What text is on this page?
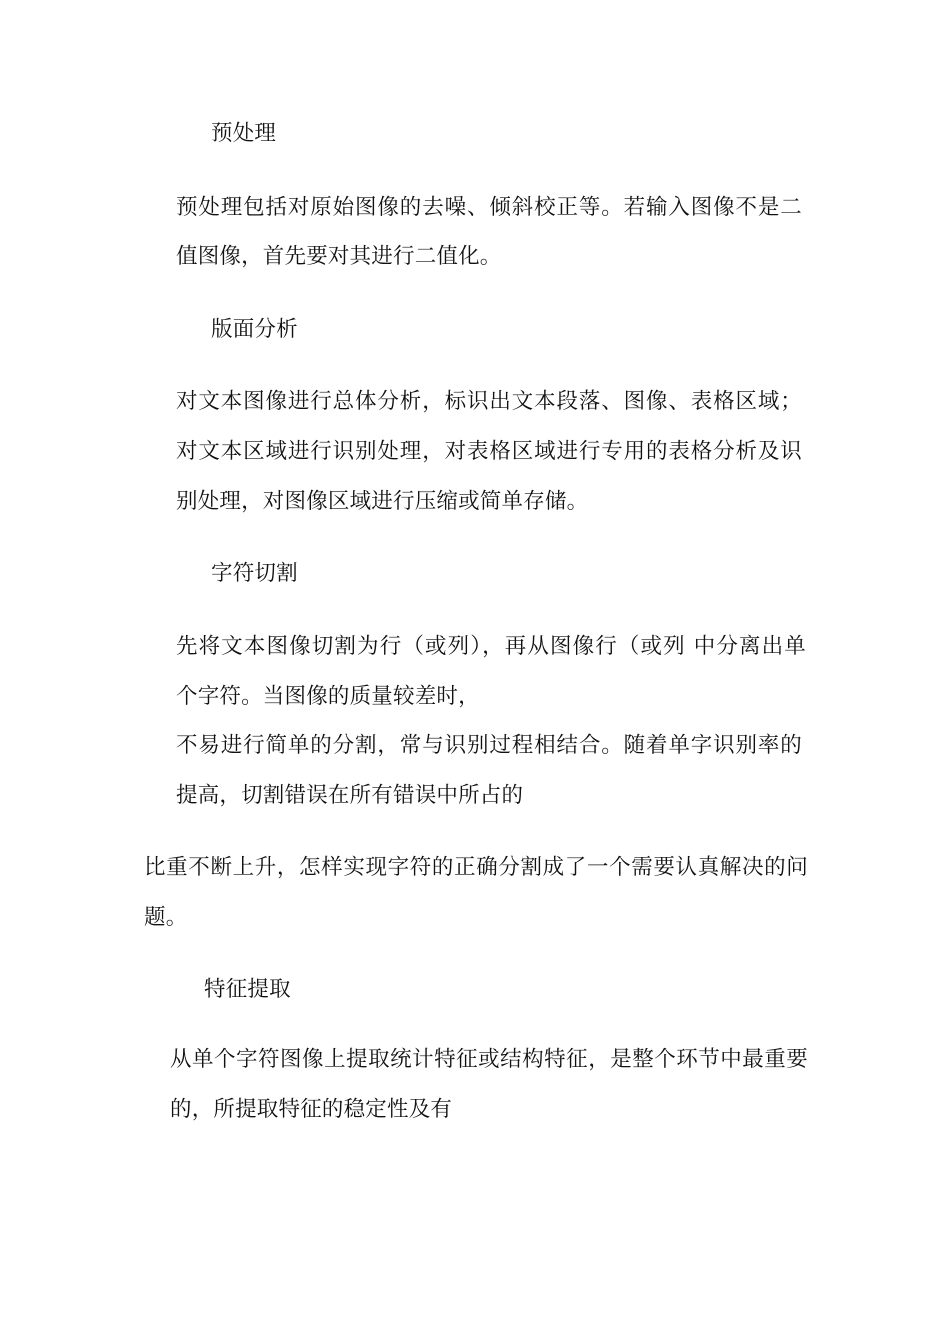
预处理
预处理包括对原始图像的去噪、倾斜校正等。若输入图像不是二
值图像，首先要对其进行二值化。
版面分析
对文本图像进行总体分析，标识出文本段落、图像、表格区域；
对文本区域进行识别处理，对表格区域进行专用的表格分析及识
别处理，对图像区域进行压缩或简单存储。
字符切割
先将文本图像切割为行（或列），再从图像行（或列 中分离出单
个字符。当图像的质量较差时，
不易进行简单的分割，常与识别过程相结合。随着单字识别率的
提高，切割错误在所有错误中所占的
比重不断上升，怎样实现字符的正确分割成了一个需要认真解决的问
题。
特征提取
从单个字符图像上提取统计特征或结构特征，是整个环节中最重要
的，所提取特征的稳定性及有
